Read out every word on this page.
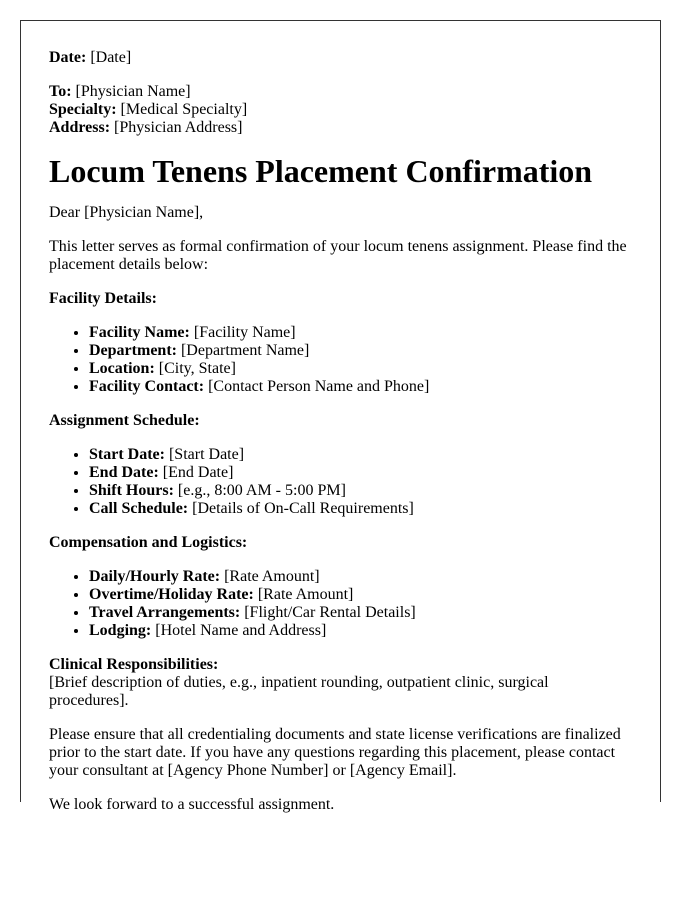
Date: [Date]

To: [Physician Name]
Specialty: [Medical Specialty]
Address: [Physician Address]
Locum Tenens Placement Confirmation

Dear [Physician Name],

This letter serves as formal confirmation of your locum tenens assignment. Please find the placement details below:

Facility Details:

• Facility Name: [Facility Name]
• Department: [Department Name]
• Location: [City, State]
• Facility Contact: [Contact Person Name and Phone]

Assignment Schedule:

• Start Date: [Start Date]
• End Date: [End Date]
• Shift Hours: [e.g., 8:00 AM - 5:00 PM]
• Call Schedule: [Details of On-Call Requirements]

Compensation and Logistics:

• Daily/Hourly Rate: [Rate Amount]
• Overtime/Holiday Rate: [Rate Amount]
• Travel Arrangements: [Flight/Car Rental Details]
• Lodging: [Hotel Name and Address]
Clinical Responsibilities:
[Brief description of duties, e.g., inpatient rounding, outpatient clinic, surgical procedures].

Please ensure that all credentialing documents and state license verifications are finalized prior to the start date. If you have any questions regarding this placement, please contact your consultant at [Agency Phone Number] or [Agency Email].

We look forward to a successful assignment.
